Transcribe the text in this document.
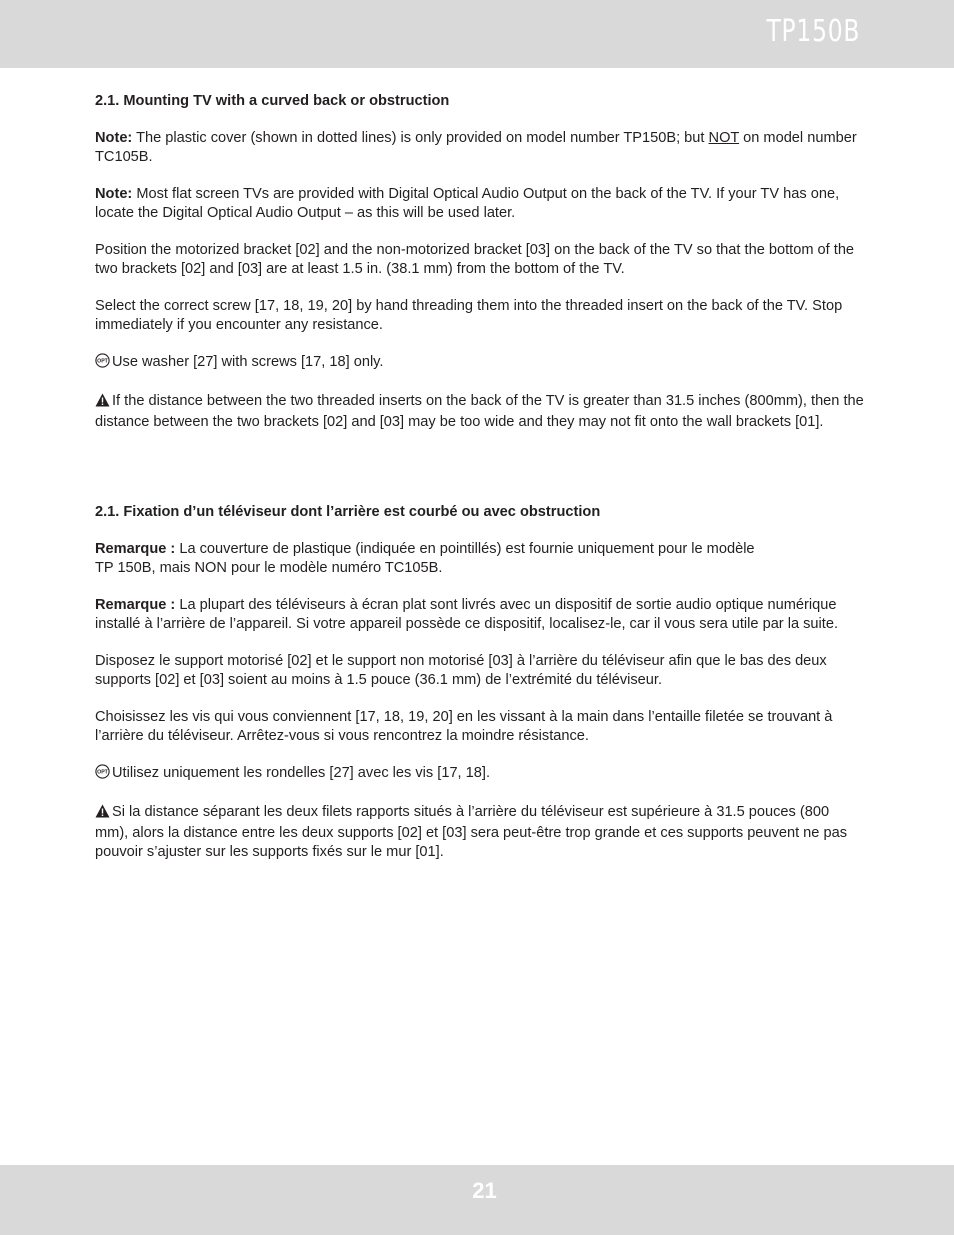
TP150B

2.1. Mounting TV with a curved back or obstruction

Note: The plastic cover (shown in dotted lines) is only provided on model number TP150B; but NOT on model number TC105B.

Note: Most flat screen TVs are provided with Digital Optical Audio Output on the back of the TV. If your TV has one, locate the Digital Optical Audio Output – as this will be used later.

Position the motorized bracket [02] and the non-motorized bracket [03] on the back of the TV so that the bottom of the two brackets [02] and [03] are at least 1.5 in. (38.1 mm) from the bottom of the TV.

Select the correct screw [17, 18, 19, 20] by hand threading them into the threaded insert on the back of the TV. Stop immediately if you encounter any resistance.

OPT Use washer [27] with screws [17, 18] only.

If the distance between the two threaded inserts on the back of the TV is greater than 31.5 inches (800mm), then the distance between the two brackets [02] and [03] may be too wide and they may not fit onto the wall brackets [01].

2.1. Fixation d’un téléviseur dont l’arrière est courbé ou avec obstruction

Remarque : La couverture de plastique (indiquée en pointillés) est fournie uniquement pour le modèle
TP 150B, mais NON pour le modèle numéro TC105B.

Remarque : La plupart des téléviseurs à écran plat sont livrés avec un dispositif de sortie audio optique numérique installé à l’arrière de l’appareil. Si votre appareil possède ce dispositif, localisez-le, car il vous sera utile par la suite.

Disposez le support motorisé [02] et le support non motorisé [03] à l’arrière du téléviseur afin que le bas des deux supports [02] et [03] soient au moins à 1.5 pouce (36.1 mm) de l’extrémité du téléviseur.

Choisissez les vis qui vous conviennent [17, 18, 19, 20] en les vissant à la main dans l’entaille filetée se trouvant à l’arrière du téléviseur. Arrêtez-vous si vous rencontrez la moindre résistance.

OPT Utilisez uniquement les rondelles [27] avec les vis [17, 18].

Si la distance séparant les deux filets rapports situés à l’arrière du téléviseur est supérieure à 31.5 pouces (800 mm), alors la distance entre les deux supports [02] et [03] sera peut-être trop grande et ces supports peuvent ne pas pouvoir s’ajuster sur les supports fixés sur le mur [01].

21
